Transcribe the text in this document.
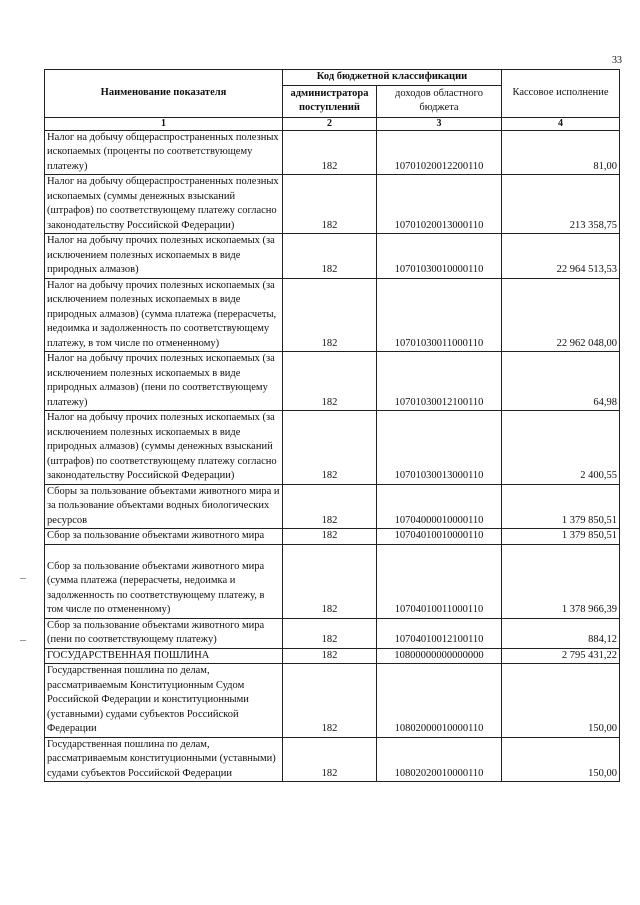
33
Наименование показателя	Код бюджетной классификации		Кассовое исполнение
	администратора поступлений	доходов областного бюджета	
1	2	3	4
Налог на добычу общераспространенных полезных ископаемых (проценты по соответствующему платежу)	182	10701020012200110	81,00
Налог на добычу общераспространенных полезных ископаемых (суммы денежных взысканий (штрафов) по соответствующему платежу согласно законодательству Российской Федерации)	182	10701020013000110	213 358,75
Налог на добычу прочих полезных ископаемых (за исключением полезных ископаемых в виде природных алмазов)	182	10701030010000110	22 964 513,53
Налог на добычу прочих полезных ископаемых (за исключением полезных ископаемых в виде природных алмазов) (сумма платежа (перерасчеты, недоимка и задолженность по соответствующему платежу, в том числе по отмененному)	182	10701030011000110	22 962 048,00
Налог на добычу прочих полезных ископаемых (за исключением полезных ископаемых в виде природных алмазов) (пени по соответствующему платежу)	182	10701030012100110	64,98
Налог на добычу прочих полезных ископаемых (за исключением полезных ископаемых в виде природных алмазов) (суммы денежных взысканий (штрафов) по соответствующему платежу согласно законодательству Российской Федерации)	182	10701030013000110	2 400,55
Сборы за пользование объектами животного мира и за пользование объектами водных биологических ресурсов	182	10704000010000110	1 379 850,51
Сбор за пользование объектами животного мира	182	10704010010000110	1 379 850,51

Сбор за пользование объектами животного мира (сумма платежа (перерасчеты, недоимка и задолженность по соответствующему платежу, в том числе по отмененному)	182	10704010011000110	1 378 966,39
Сбор за пользование объектами животного мира (пени по соответствующему платежу)	182	10704010012100110	884,12
ГОСУДАРСТВЕННАЯ ПОШЛИНА	182	10800000000000000	2 795 431,22
Государственная пошлина по делам, рассматриваемым Конституционным Судом Российской Федерации и конституционными (уставными) судами субъектов Российской Федерации	182	10802000010000110	150,00
Государственная пошлина по делам, рассматриваемым конституционными (уставными) судами субъектов Российской Федерации	182	10802020010000110	150,00
